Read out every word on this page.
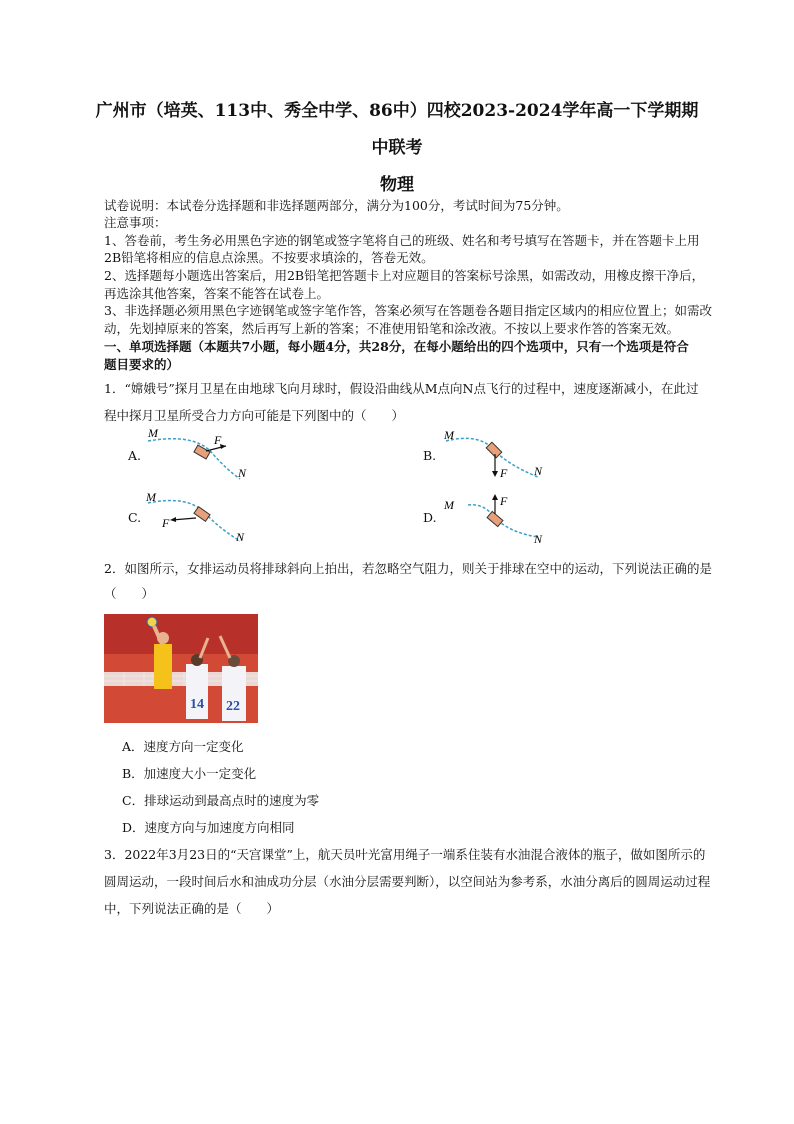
广州市（培英、113中、秀全中学、86中）四校2023-2024学年高一下学期期
中联考
物理
试卷说明：本试卷分选择题和非选择题两部分，满分为100分，考试时间为75分钟。
注意事项：
1、答卷前，考生务必用黑色字迹的钢笔或签字笔将自己的班级、姓名和考号填写在答题卡，并在答题卡上用
2B铅笔将相应的信息点涂黑。不按要求填涂的，答卷无效。
2、选择题每小题选出答案后，用2B铅笔把答题卡上对应题目的答案标号涂黑，如需改动，用橡皮擦干净后，
再选涂其他答案，答案不能答在试卷上。
3、非选择题必须用黑色字迹钢笔或签字笔作答，答案必须写在答题卷各题目指定区域内的相应位置上；如需改
动，先划掉原来的答案，然后再写上新的答案；不准使用铅笔和涂改液。不按以上要求作答的答案无效。
一、单项选择题（本题共7小题，每小题4分，共28分，在每小题给出的四个选项中，只有一个选项是符合
题目要求的）
1．“嫦娥号”探月卫星在由地球飞向月球时，假设沿曲线从M点向N点飞行的过程中，速度逐渐减小，在此过
程中探月卫星所受合力方向可能是下列图中的（　　）
A.
M	F
N
B.
M
F N
C.
M
F
N
D.
M	F
N
2．如图所示，女排运动员将排球斜向上拍出，若忽略空气阻力，则关于排球在空中的运动，下列说法正确的是
（　　）
14 22
A．速度方向一定变化
B．加速度大小一定变化
C．排球运动到最高点时的速度为零
D．速度方向与加速度方向相同
3．2022年3月23日的“天宫课堂”上，航天员叶光富用绳子一端系住装有水油混合液体的瓶子，做如图所示的
圆周运动，一段时间后水和油成功分层（水油分层需要判断），以空间站为参考系，水油分离后的圆周运动过程
中，下列说法正确的是（　　）
